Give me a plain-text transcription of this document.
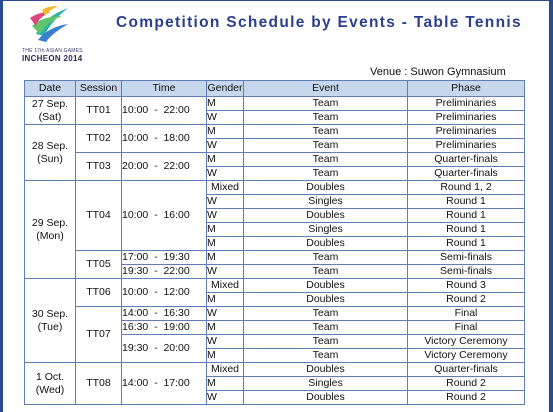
THE 17th ASIAN GAMES
INCHEON 2014
Competition Schedule by Events - Table Tennis
Venue : Suwon Gymnasium
Date	Session	Time	Gender	Event	Phase

27 Sep.
(Sat)	TT01	10:00  -  22:00	M	Team	Preliminaries
			W	Team	Preliminaries

28 Sep.
(Sun)	TT02	10:00  -  18:00	M	Team	Preliminaries
			W	Team	Preliminaries
	TT03	20:00  -  22:00	M	Team	Quarter-finals
			W	Team	Quarter-finals

29 Sep.
(Mon)	TT04	10:00  -  16:00	Mixed	Doubles	Round 1, 2
			W	Singles	Round 1
			W	Doubles	Round 1
			M	Singles	Round 1
			M	Doubles	Round 1
	TT05	17:00  -  19:30	M	Team	Semi-finals
		19:30  -  22:00	W	Team	Semi-finals

30 Sep.
(Tue)	TT06	10:00  -  12:00	Mixed	Doubles	Round 3
			M	Doubles	Round 2
	TT07	14:00  -  16:30	W	Team	Final
		16:30  -  19:00	M	Team	Final
		19:30  -  20:00	W	Team	Victory Ceremony
			M	Team	Victory Ceremony

1 Oct.
(Wed)	TT08	14:00  -  17:00	Mixed	Doubles	Quarter-finals
			M	Singles	Round 2
			W	Doubles	Round 2
